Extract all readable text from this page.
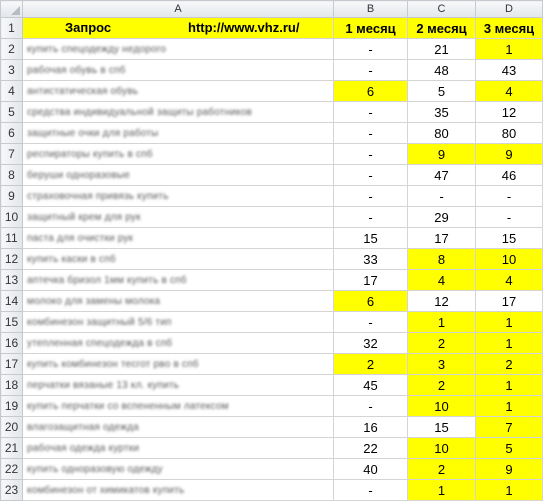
	A	B	C	D
1	Запрос http://www.vhz.ru/	1 месяц	2 месяц	3 месяц
2	купить спецодежду недорого	-	21	1
3	рабочая обувь в спб	-	48	43
4	антистатическая обувь	6	5	4
5	средства индивидуальной защиты работников	-	35	12
6	защитные очки для работы	-	80	80
7	респираторы купить в спб	-	9	9
8	беруши одноразовые	-	47	46
9	страховочная привязь купить	-	-	-
10	защитный крем для рук	-	29	-
11	паста для очистки рук	15	17	15
12	купить каски в спб	33	8	10
13	аптечка бризол 1мм купить в спб	17	4	4
14	молоко для замены молока	6	12	17
15	комбинезон защитный 5/6 тип	-	1	1
16	утепленная спецодежда в спб	32	2	1
17	купить комбинезон тесгот рво в спб	2	3	2
18	перчатки вязаные 13 кл. купить	45	2	1
19	купить перчатки со вспененным латексом	-	10	1
20	влагозащитная одежда	16	15	7
21	рабочая одежда куртки	22	10	5
22	купить одноразовую одежду	40	2	9
23	комбинезон от химикатов купить	-	1	1
